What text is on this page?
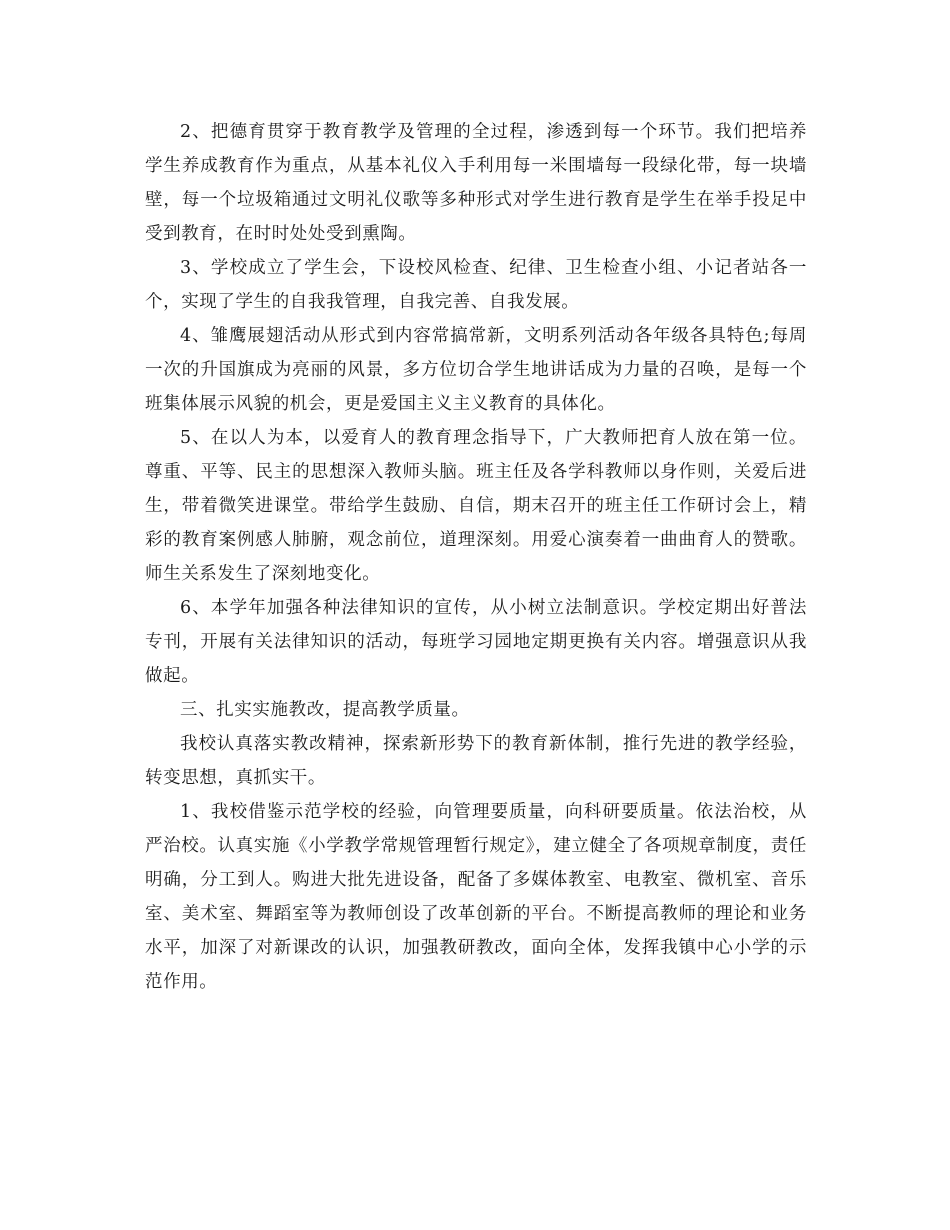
2、把德育贯穿于教育教学及管理的全过程，渗透到每一个环节。我们把培养学生养成教育作为重点，从基本礼仪入手利用每一米围墙每一段绿化带，每一块墙壁，每一个垃圾箱通过文明礼仪歌等多种形式对学生进行教育是学生在举手投足中受到教育，在时时处处受到熏陶。

3、学校成立了学生会，下设校风检查、纪律、卫生检查小组、小记者站各一个，实现了学生的自我我管理，自我完善、自我发展。

4、雏鹰展翅活动从形式到内容常搞常新，文明系列活动各年级各具特色;每周一次的升国旗成为亮丽的风景，多方位切合学生地讲话成为力量的召唤，是每一个班集体展示风貌的机会，更是爱国主义主义教育的具体化。

5、在以人为本，以爱育人的教育理念指导下，广大教师把育人放在第一位。尊重、平等、民主的思想深入教师头脑。班主任及各学科教师以身作则，关爱后进生，带着微笑进课堂。带给学生鼓励、自信，期末召开的班主任工作研讨会上，精彩的教育案例感人肺腑，观念前位，道理深刻。用爱心演奏着一曲曲育人的赞歌。师生关系发生了深刻地变化。

6、本学年加强各种法律知识的宣传，从小树立法制意识。学校定期出好普法专刊，开展有关法律知识的活动，每班学习园地定期更换有关内容。增强意识从我做起。

三、扎实实施教改，提高教学质量。

我校认真落实教改精神，探索新形势下的教育新体制，推行先进的教学经验，转变思想，真抓实干。

1、我校借鉴示范学校的经验，向管理要质量，向科研要质量。依法治校，从严治校。认真实施《小学教学常规管理暂行规定》，建立健全了各项规章制度，责任明确，分工到人。购进大批先进设备，配备了多媒体教室、电教室、微机室、音乐室、美术室、舞蹈室等为教师创设了改革创新的平台。不断提高教师的理论和业务水平，加深了对新课改的认识，加强教研教改，面向全体，发挥我镇中心小学的示范作用。
